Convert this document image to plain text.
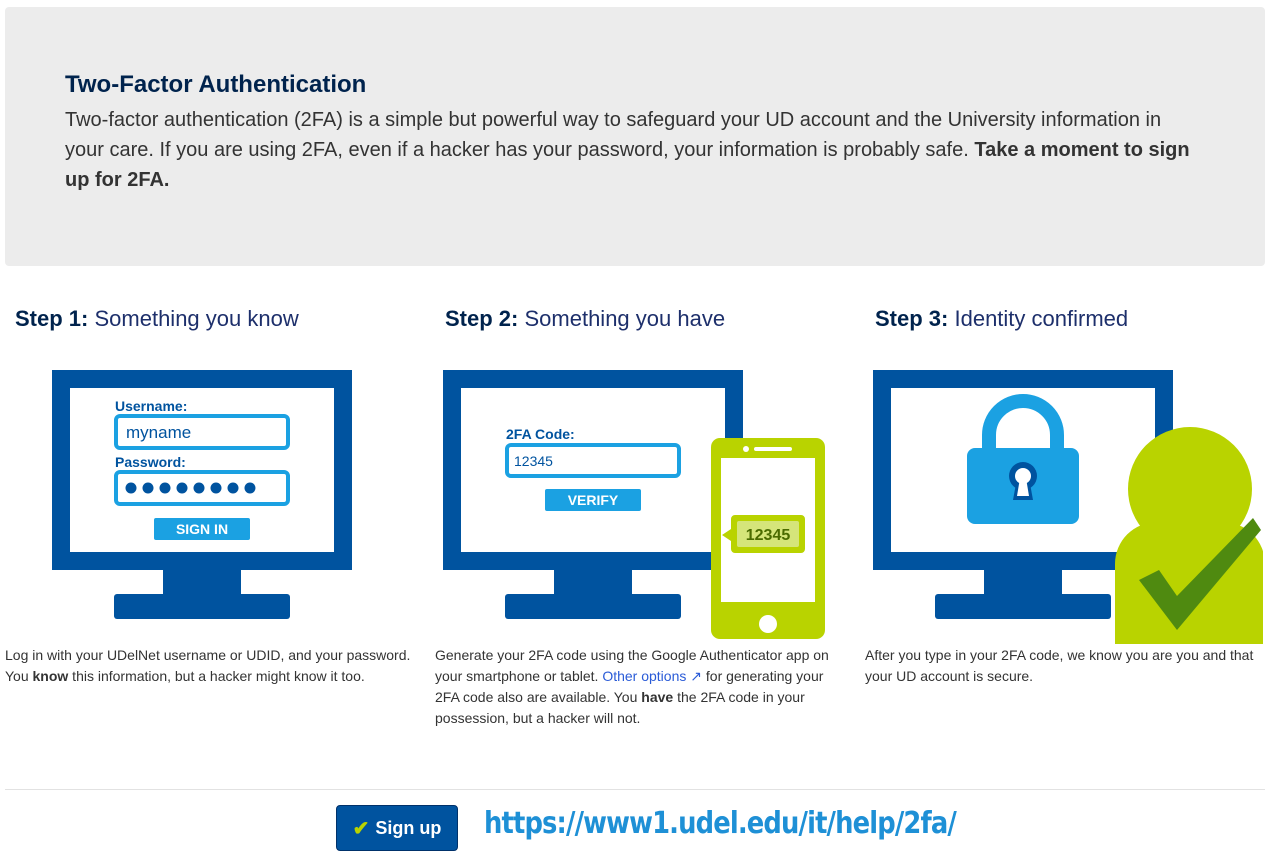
Two-Factor Authentication

Two-factor authentication (2FA) is a simple but powerful way to safeguard your UD account and the University information in your care. If you are using 2FA, even if a hacker has your password, your information is probably safe. Take a moment to sign up for 2FA.

Step 1: Something you know
Username:
myname
Password:
SIGN IN
Log in with your UDelNet username or UDID, and your password. You know this information, but a hacker might know it too.
Step 2: Something you have
2FA Code:
12345
VERIFY
12345
Generate your 2FA code using the Google Authenticator app on your smartphone or tablet. Other options ↗ for generating your 2FA code also are available. You have the 2FA code in your possession, but a hacker will not.
Step 3: Identity confirmed
After you type in your 2FA code, we know you are you and that your UD account is secure.
✔ Sign up https://www1.udel.edu/it/help/2fa/
